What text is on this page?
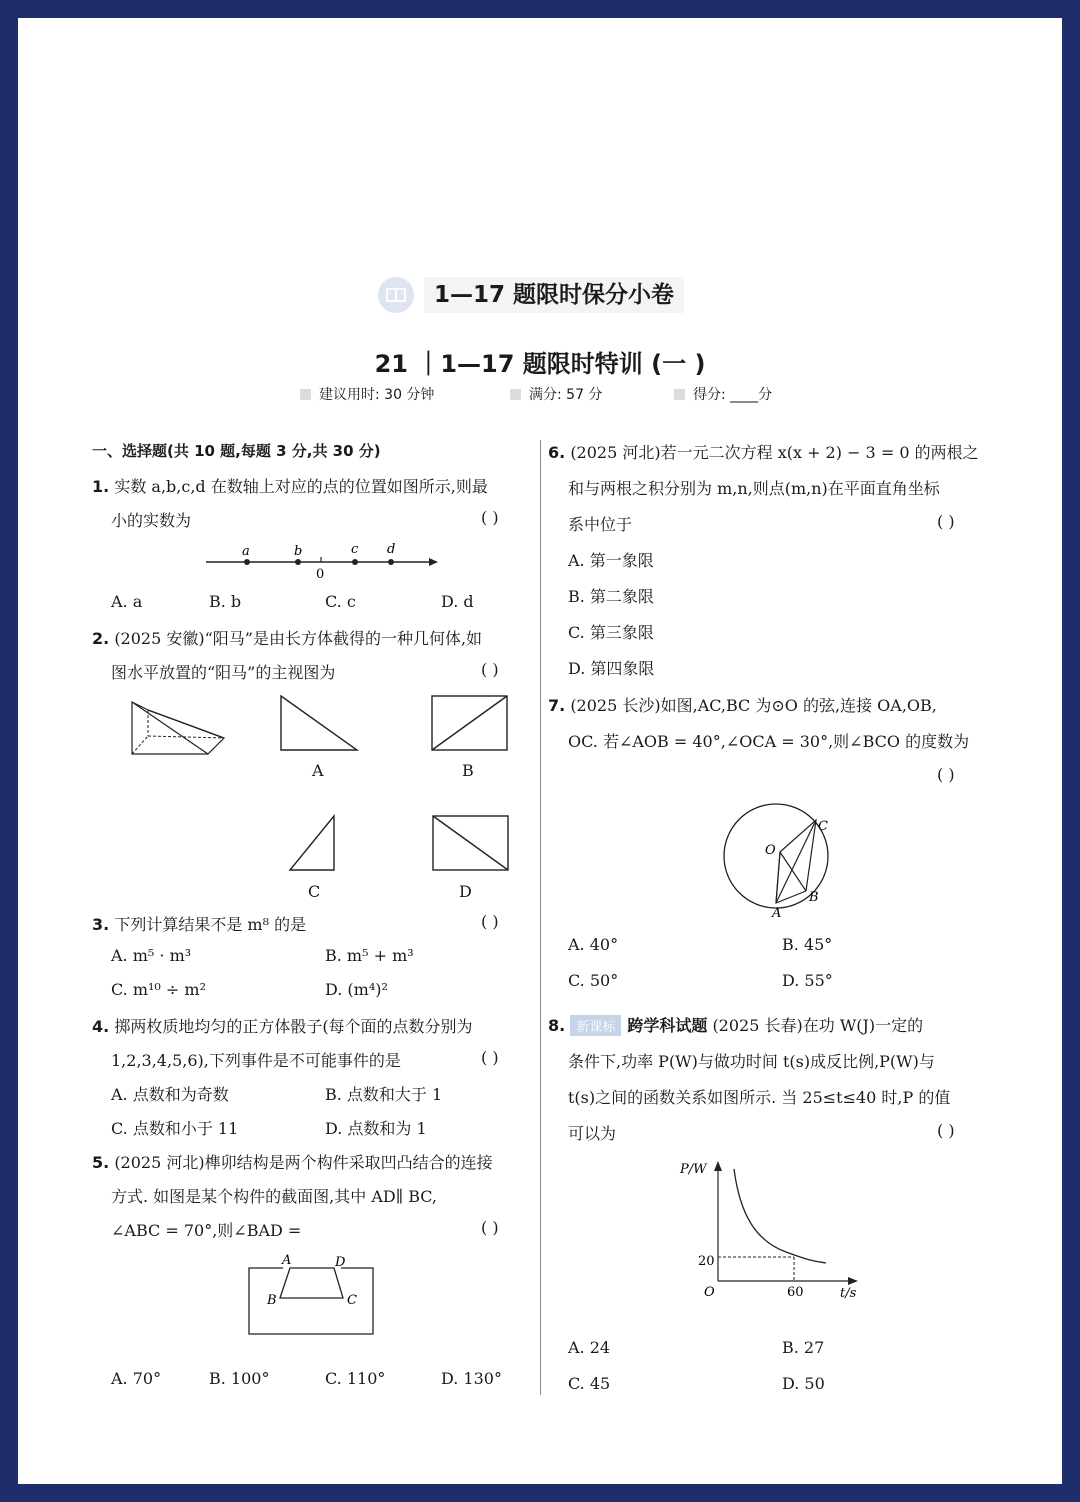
1—17 题限时保分小卷
21 ｜1—17 题限时特训 (一 )
建议用时: 30 分钟	满分: 57 分	得分: ____分
一、选择题(共 10 题,每题 3 分,共 30 分)
1. 实数 a,b,c,d 在数轴上对应的点的位置如图所示,则最
小的实数为	( )
a	b	c d
0
A. a	B. b	C. c	D. d
2. (2025 安徽)“阳马”是由长方体截得的一种几何体,如
图水平放置的“阳马”的主视图为	( )
A	B
C	D
3. 下列计算结果不是 m⁸ 的是	( )
A. m⁵ · m³	B. m⁵ + m³
C. m¹⁰ ÷ m²	D. (m⁴)²
4. 掷两枚质地均匀的正方体骰子(每个面的点数分别为
1,2,3,4,5,6),下列事件是不可能事件的是	( )
A. 点数和为奇数	B. 点数和大于 1
C. 点数和小于 11	D. 点数和为 1
5. (2025 河北)榫卯结构是两个构件采取凹凸结合的连接
方式. 如图是某个构件的截面图,其中 AD∥ BC,
∠ABC = 70°,则∠BAD =	( )
A	D
B	C
A. 70°	B. 100°	C. 110°	D. 130°
6. (2025 河北)若一元二次方程 x(x + 2) − 3 = 0 的两根之
和与两根之积分别为 m,n,则点(m,n)在平面直角坐标
系中位于	( )
A. 第一象限
B. 第二象限
C. 第三象限
D. 第四象限
7. (2025 长沙)如图,AC,BC 为⊙O 的弦,连接 OA,OB,
OC. 若∠AOB = 40°,∠OCA = 30°,则∠BCO 的度数为
( )
O
C
B
A
A. 40°	B. 45°
C. 50°	D. 55°
8. 新课标 跨学科试题 (2025 长春)在功 W(J)一定的
条件下,功率 P(W)与做功时间 t(s)成反比例,P(W)与
t(s)之间的函数关系如图所示. 当 25≤t≤40 时,P 的值
可以为	( )
P/W
t/s
O
20
60
A. 24	B. 27
C. 45	D. 50
